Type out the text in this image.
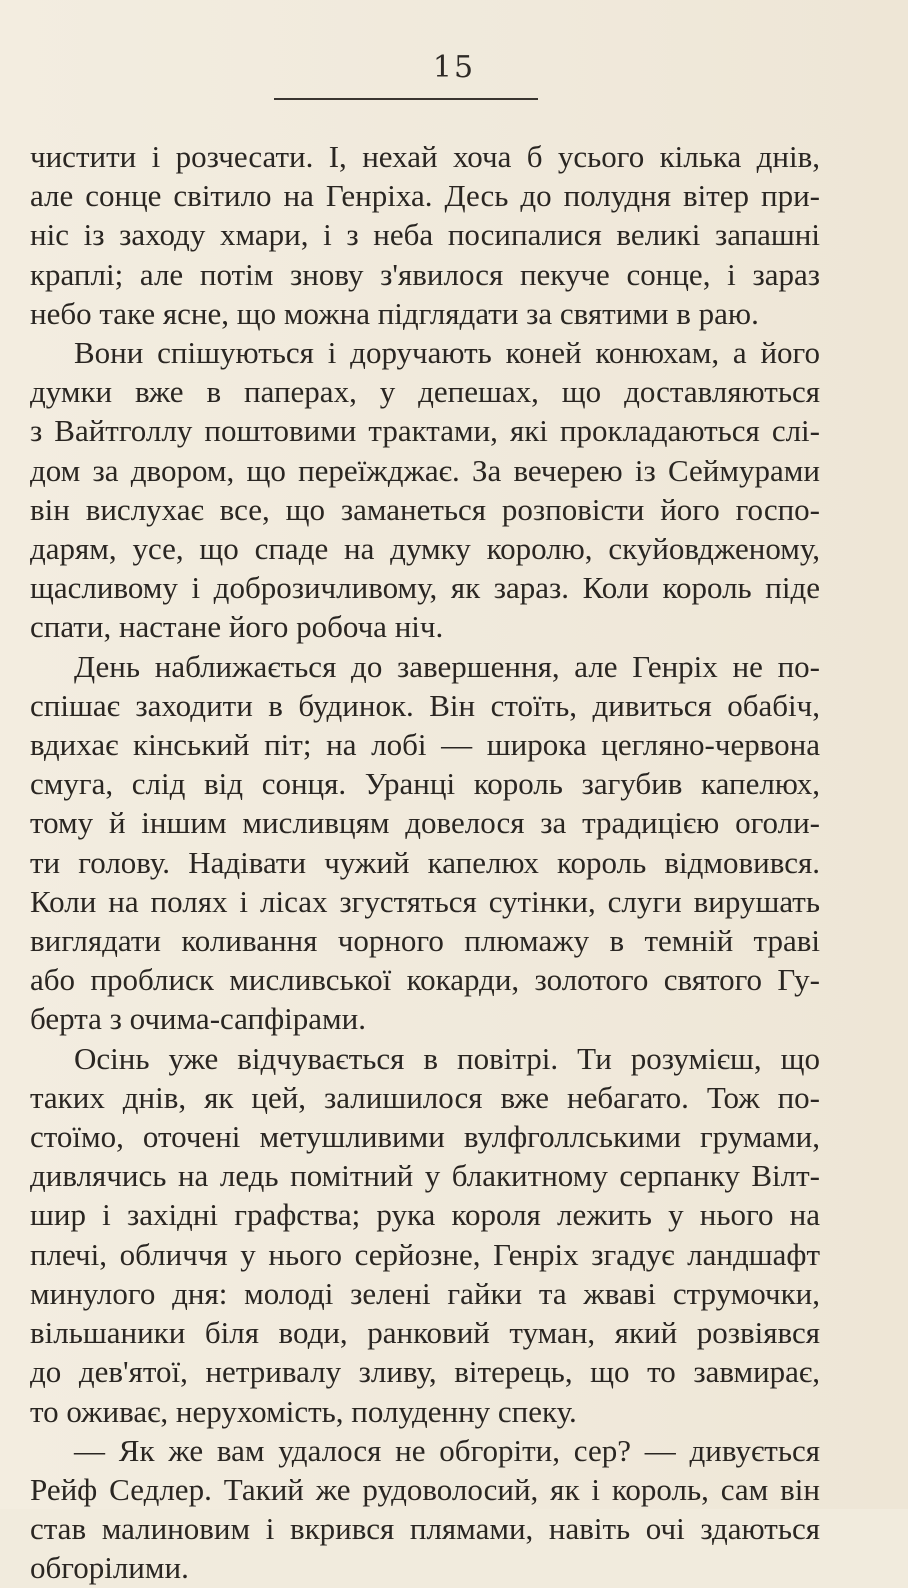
15
чистити і розчесати. І, нехай хоча б усього кілька днів,
але сонце світило на Генріха. Десь до полудня вітер при-
ніс із заходу хмари, і з неба посипалися великі запашні
краплі; але потім знову з'явилося пекуче сонце, і зараз
небо таке ясне, що можна підглядати за святими в раю.
Вони спішуються і доручають коней конюхам, а його
думки вже в паперах, у депешах, що доставляються
з Вайтголлу поштовими трактами, які прокладаються слі-
дом за двором, що переїжджає. За вечерею із Сеймурами
він вислухає все, що заманеться розповісти його госпо-
дарям, усе, що спаде на думку королю, скуйовдженому,
щасливому і доброзичливому, як зараз. Коли король піде
спати, настане його робоча ніч.
День наближається до завершення, але Генріх не по-
спішає заходити в будинок. Він стоїть, дивиться обабіч,
вдихає кінський піт; на лобі — широка цегляно-червона
смуга, слід від сонця. Уранці король загубив капелюх,
тому й іншим мисливцям довелося за традицією оголи-
ти голову. Надівати чужий капелюх король відмовився.
Коли на полях і лісах згустяться сутінки, слуги вирушать
виглядати коливання чорного плюмажу в темній траві
або проблиск мисливської кокарди, золотого святого Гу-
берта з очима-сапфірами.
Осінь уже відчувається в повітрі. Ти розумієш, що
таких днів, як цей, залишилося вже небагато. Тож по-
стоїмо, оточені метушливими вулфголлськими грумами,
дивлячись на ледь помітний у блакитному серпанку Вілт-
шир і західні графства; рука короля лежить у нього на
плечі, обличчя у нього серйозне, Генріх згадує ландшафт
минулого дня: молоді зелені гайки та жваві струмочки,
вільшаники біля води, ранковий туман, який розвіявся
до дев'ятої, нетривалу зливу, вітерець, що то завмирає,
то оживає, нерухомість, полуденну спеку.
— Як же вам удалося не обгоріти, сер? — дивується
Рейф Седлер. Такий же рудоволосий, як і король, сам він
став малиновим і вкрився плямами, навіть очі здаються
обгорілими.
